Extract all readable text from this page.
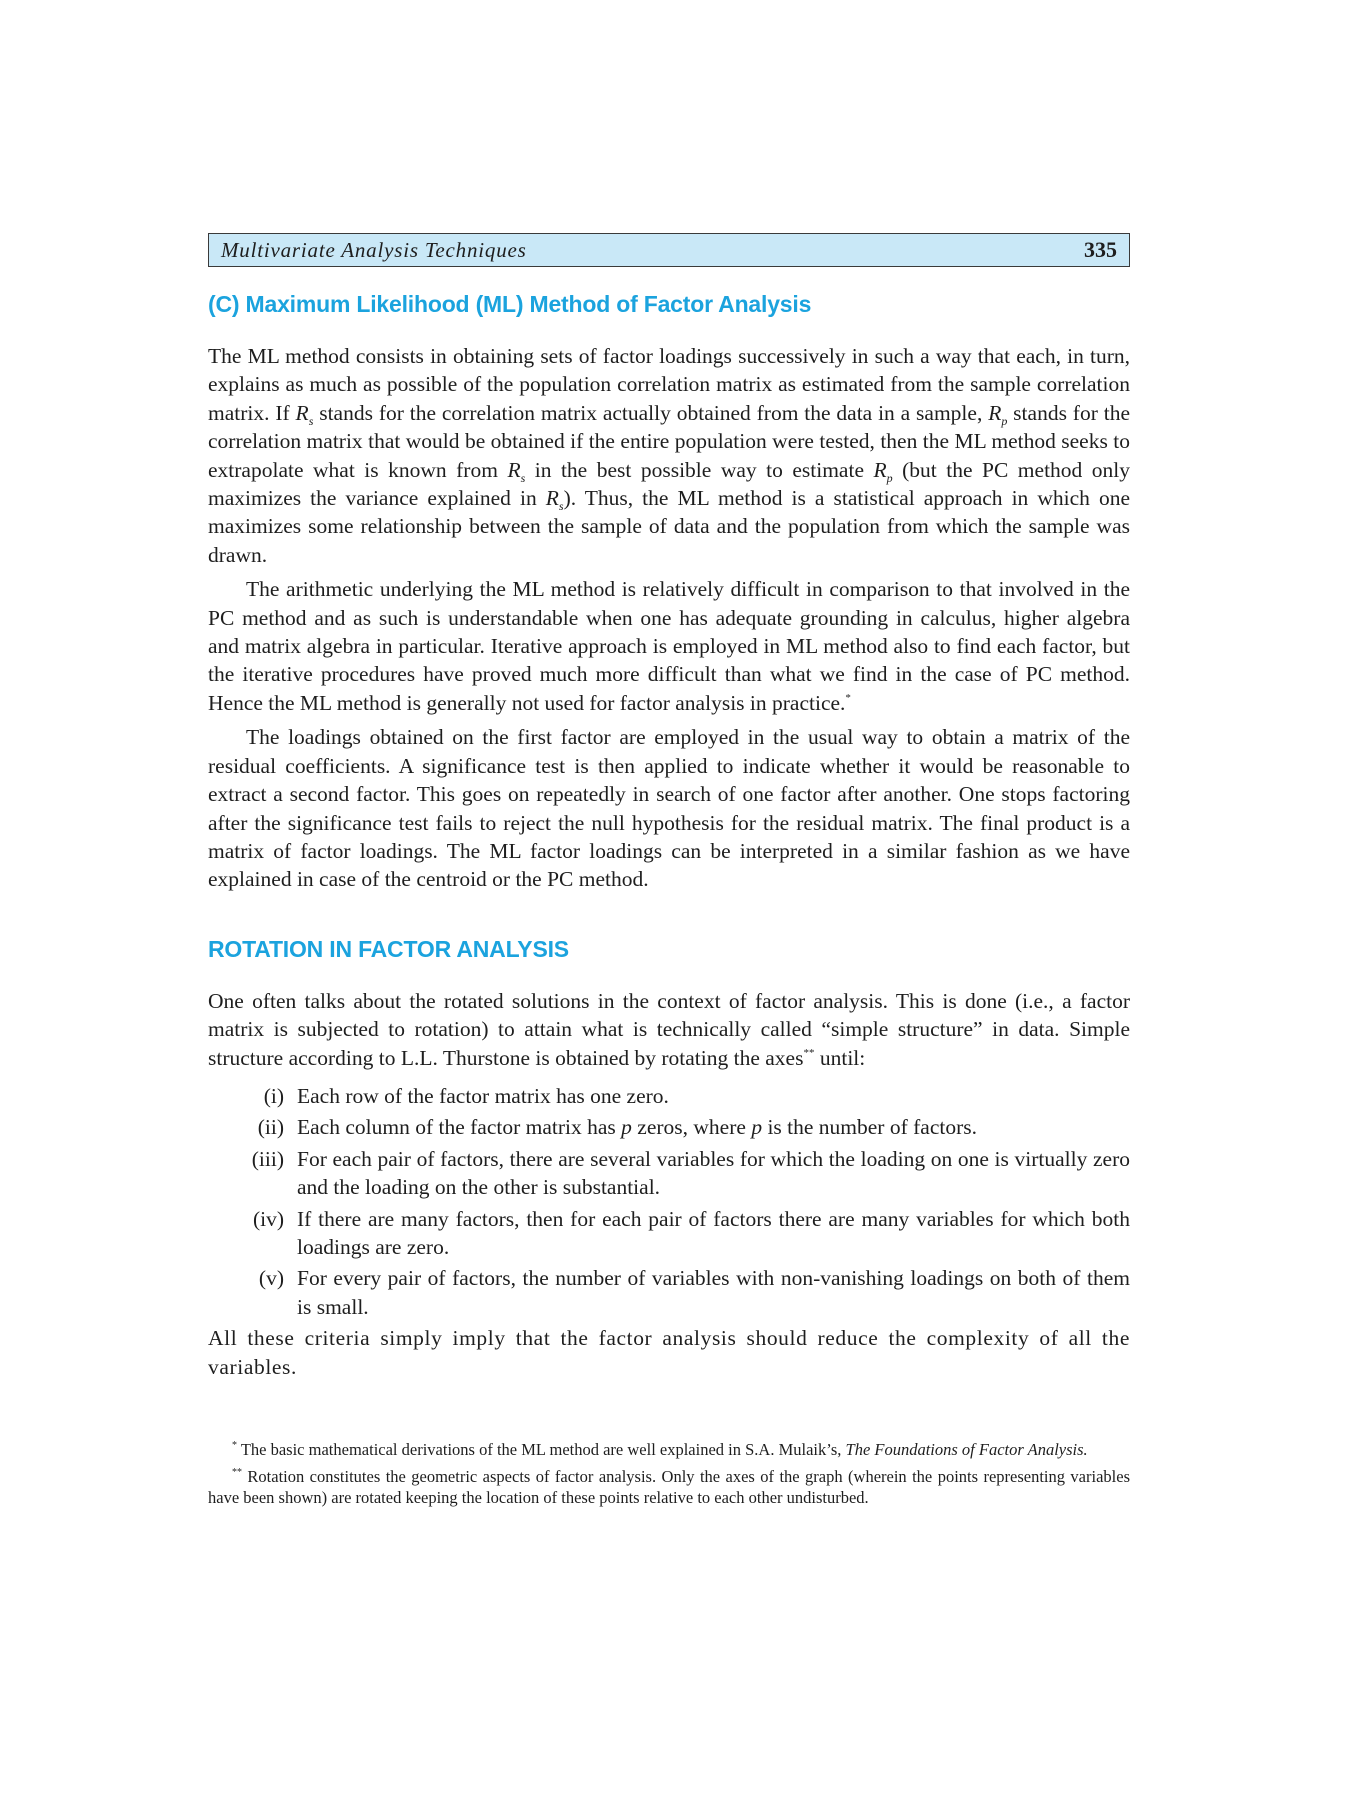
Multivariate Analysis Techniques	335
(C) Maximum Likelihood (ML) Method of Factor Analysis

The ML method consists in obtaining sets of factor loadings successively in such a way that each, in turn, explains as much as possible of the population correlation matrix as estimated from the sample correlation matrix. If $R_s$ stands for the correlation matrix actually obtained from the data in a sample, $R_p$ stands for the correlation matrix that would be obtained if the entire population were tested, then the ML method seeks to extrapolate what is known from $R_s$ in the best possible way to estimate $R_p$ (but the PC method only maximizes the variance explained in $R_s$). Thus, the ML method is a statistical approach in which one maximizes some relationship between the sample of data and the population from which the sample was drawn.

The arithmetic underlying the ML method is relatively difficult in comparison to that involved in the PC method and as such is understandable when one has adequate grounding in calculus, higher algebra and matrix algebra in particular. Iterative approach is employed in ML method also to find each factor, but the iterative procedures have proved much more difficult than what we find in the case of PC method. Hence the ML method is generally not used for factor analysis in practice.*

The loadings obtained on the first factor are employed in the usual way to obtain a matrix of the residual coefficients. A significance test is then applied to indicate whether it would be reasonable to extract a second factor. This goes on repeatedly in search of one factor after another. One stops factoring after the significance test fails to reject the null hypothesis for the residual matrix. The final product is a matrix of factor loadings. The ML factor loadings can be interpreted in a similar fashion as we have explained in case of the centroid or the PC method.

ROTATION IN FACTOR ANALYSIS

One often talks about the rotated solutions in the context of factor analysis. This is done (i.e., a factor matrix is subjected to rotation) to attain what is technically called “simple structure” in data. Simple structure according to L.L. Thurstone is obtained by rotating the axes** until:

(i) Each row of the factor matrix has one zero.
(ii) Each column of the factor matrix has p zeros, where p is the number of factors.
(iii) For each pair of factors, there are several variables for which the loading on one is virtually zero and the loading on the other is substantial.
(iv) If there are many factors, then for each pair of factors there are many variables for which both loadings are zero.
(v) For every pair of factors, the number of variables with non-vanishing loadings on both of them is small.

All these criteria simply imply that the factor analysis should reduce the complexity of all the variables.

* The basic mathematical derivations of the ML method are well explained in S.A. Mulaik’s, The Foundations of Factor Analysis.

** Rotation constitutes the geometric aspects of factor analysis. Only the axes of the graph (wherein the points representing variables have been shown) are rotated keeping the location of these points relative to each other undisturbed.
